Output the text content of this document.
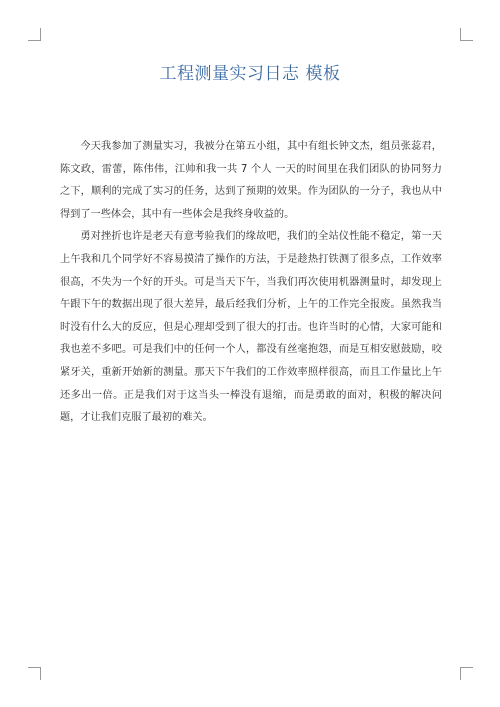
工程测量实习日志 模板

今天我参加了测量实习，我被分在第五小组，其中有组长钟文杰，组员张蕊君，陈文政，雷蕾，陈伟伟，江帅和我一共 7 个人 一天的时间里在我们团队的协同努力之下，顺利的完成了实习的任务，达到了预期的效果。作为团队的一分子，我也从中得到了一些体会，其中有一些体会是我终身收益的。

勇对挫折也许是老天有意考验我们的缘故吧，我们的全站仪性能不稳定，第一天上午我和几个同学好不容易摸清了操作的方法，于是趁热打铁测了很多点，工作效率很高，不失为一个好的开头。可是当天下午，当我们再次使用机器测量时，却发现上午跟下午的数据出现了很大差异，最后经我们分析，上午的工作完全报废。虽然我当时没有什么大的反应，但是心理却受到了很大的打击。也许当时的心情，大家可能和我也差不多吧。可是我们中的任何一个人，都没有丝毫抱怨，而是互相安慰鼓励，咬紧牙关，重新开始新的测量。那天下午我们的工作效率照样很高，而且工作量比上午还多出一倍。正是我们对于这当头一棒没有退缩，而是勇敢的面对，积极的解决问题，才让我们克服了最初的难关。
